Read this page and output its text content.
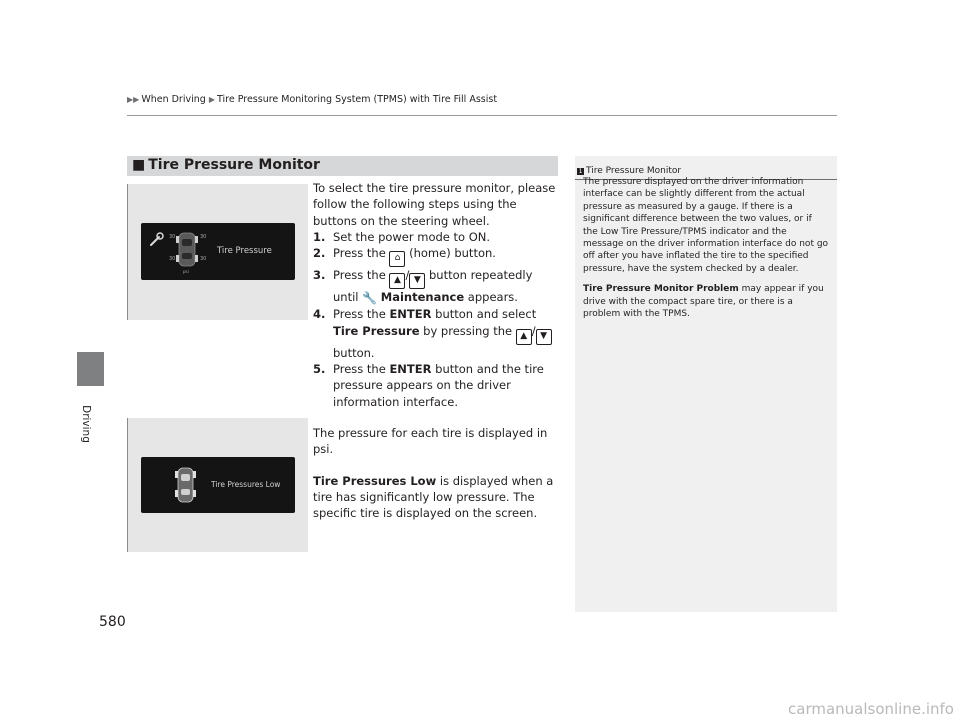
▶▶ When Driving ▶ Tire Pressure Monitoring System (TPMS) with Tire Fill Assist
Driving
580
■ Tire Pressure Monitor
30	30
30	30
psi
Tire Pressure
Tire Pressures Low

To select the tire pressure monitor, please follow the following steps using the buttons on the steering wheel.

1. Set the power mode to ON.
2. Press the ⌂ (home) button.
3. Press the ▲ / ▼ button repeatedly until 🔧 Maintenance appears.
4. Press the ENTER button and select Tire Pressure by pressing the ▲ / ▼ button.
5. Press the ENTER button and the tire pressure appears on the driver information interface.

The pressure for each tire is displayed in psi.

Tire Pressures Low is displayed when a tire has significantly low pressure. The specific tire is displayed on the screen.

1 Tire Pressure Monitor

The pressure displayed on the driver information interface can be slightly different from the actual pressure as measured by a gauge. If there is a significant difference between the two values, or if the Low Tire Pressure/TPMS indicator and the message on the driver information interface do not go off after you have inflated the tire to the specified pressure, have the system checked by a dealer.

Tire Pressure Monitor Problem may appear if you drive with the compact spare tire, or there is a problem with the TPMS.

carmanualsonline.info
